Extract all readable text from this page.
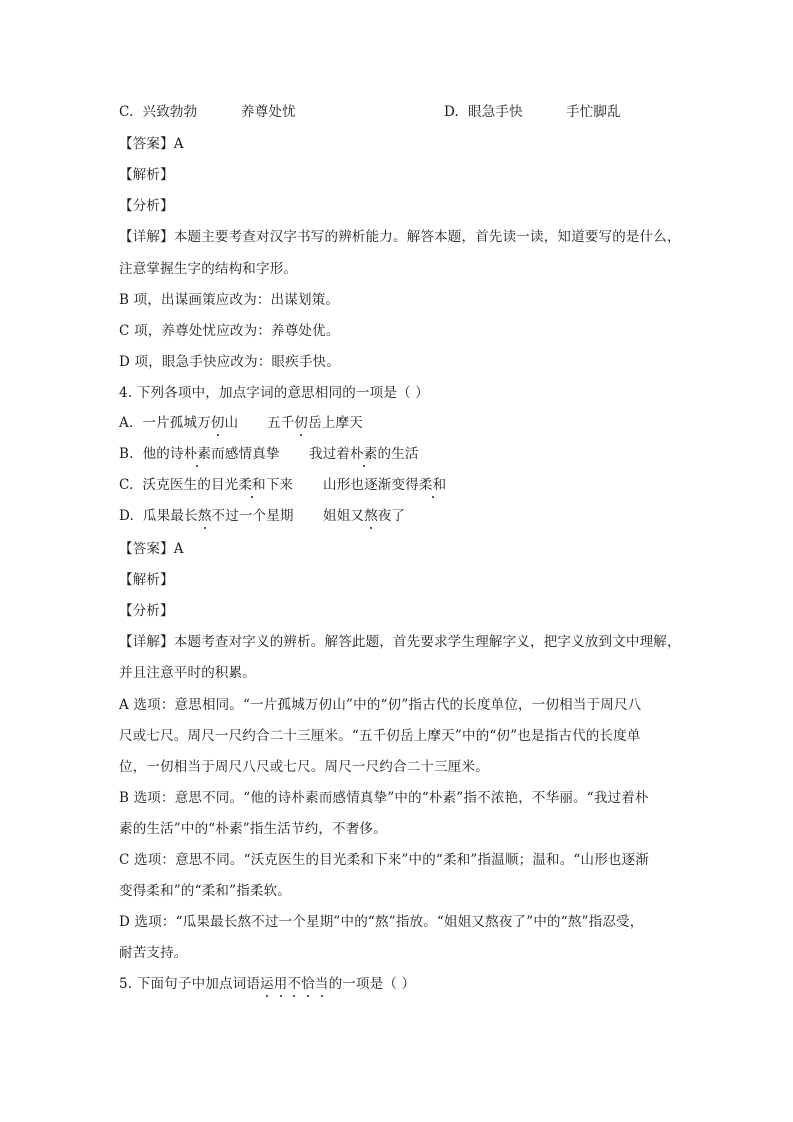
C. 兴致勃勃	养尊处忧	D. 眼急手快	手忙脚乱
【答案】A
【解析】
【分析】
【详解】本题主要考查对汉字书写的辨析能力。解答本题，首先读一读，知道要写的是什么，
注意掌握生字的结构和字形。
B 项，出谋画策应改为：出谋划策。
C 项，养尊处忧应改为：养尊处优。
D 项，眼急手快应改为：眼疾手快。
4. 下列各项中，加点字词的意思相同的一项是（ ）
A. 一片孤城万仞山 五千仞岳上摩天
B. 他的诗朴素而感情真挚 我过着朴素的生活
C. 沃克医生的目光柔和下来 山形也逐渐变得柔和
D. 瓜果最长熬不过一个星期 姐姐又熬夜了
【答案】A
【解析】
【分析】
【详解】本题考查对字义的辨析。解答此题，首先要求学生理解字义，把字义放到文中理解，
并且注意平时的积累。
A 选项：意思相同。“一片孤城万仞山”中的“仞”指古代的长度单位，一仞相当于周尺八
尺或七尺。周尺一尺约合二十三厘米。“五千仞岳上摩天”中的“仞”也是指古代的长度单
位，一仞相当于周尺八尺或七尺。周尺一尺约合二十三厘米。
B 选项：意思不同。“他的诗朴素而感情真挚”中的“朴素”指不浓艳，不华丽。“我过着朴
素的生活”中的“朴素”指生活节约，不奢侈。
C 选项：意思不同。“沃克医生的目光柔和下来”中的“柔和”指温顺；温和。“山形也逐渐
变得柔和”的“柔和”指柔软。
D 选项：“瓜果最长熬不过一个星期”中的“熬”指放。“姐姐又熬夜了”中的“熬”指忍受，
耐苦支持。
5. 下面句子中加点词语运用不恰当的一项是（ ）
